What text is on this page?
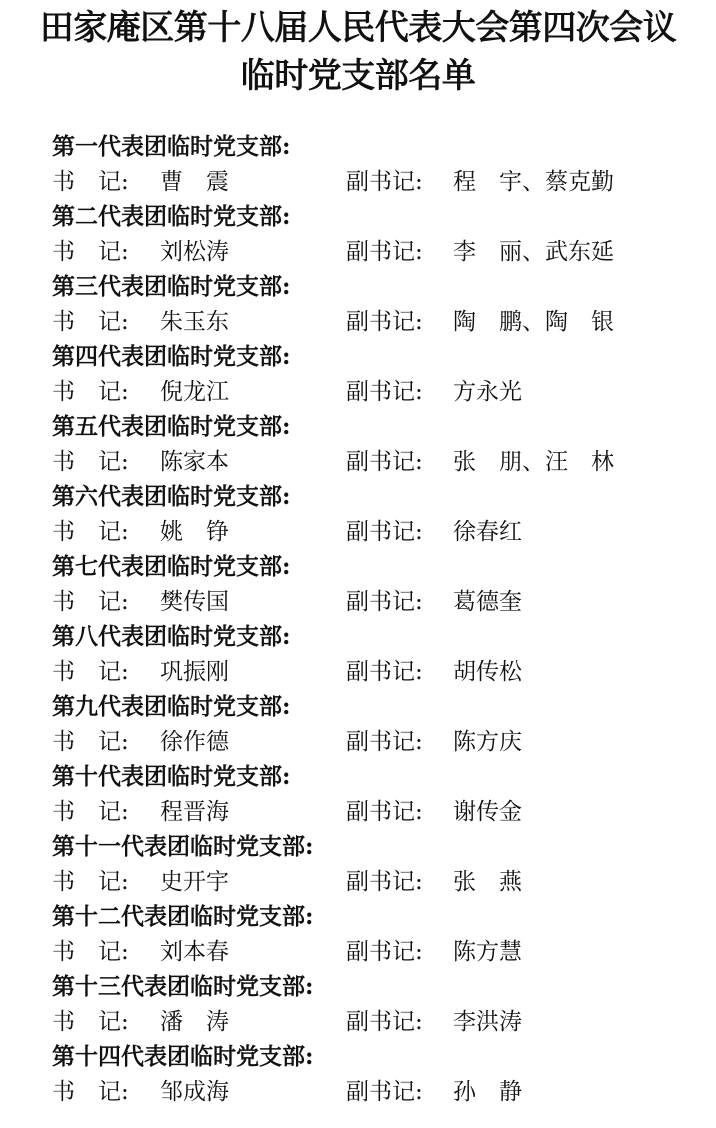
田家庵区第十八届人民代表大会第四次会议
临时党支部名单
第一代表团临时党支部:
书　记: 曹　震	副书记: 程　宇、蔡克勤
第二代表团临时党支部:
书　记: 刘松涛	副书记: 李　丽、武东延
第三代表团临时党支部:
书　记: 朱玉东	副书记: 陶　鹏、陶　银
第四代表团临时党支部:
书　记: 倪龙江	副书记: 方永光
第五代表团临时党支部:
书　记: 陈家本	副书记: 张　朋、汪　林
第六代表团临时党支部:
书　记: 姚　铮	副书记: 徐春红
第七代表团临时党支部:
书　记: 樊传国	副书记: 葛德奎
第八代表团临时党支部:
书　记: 巩振刚	副书记: 胡传松
第九代表团临时党支部:
书　记: 徐作德	副书记: 陈方庆
第十代表团临时党支部:
书　记: 程晋海	副书记: 谢传金
第十一代表团临时党支部:
书　记: 史开宇	副书记: 张　燕
第十二代表团临时党支部:
书　记: 刘本春	副书记: 陈方慧
第十三代表团临时党支部:
书　记: 潘　涛	副书记: 李洪涛
第十四代表团临时党支部:
书　记: 邹成海	副书记: 孙　静
